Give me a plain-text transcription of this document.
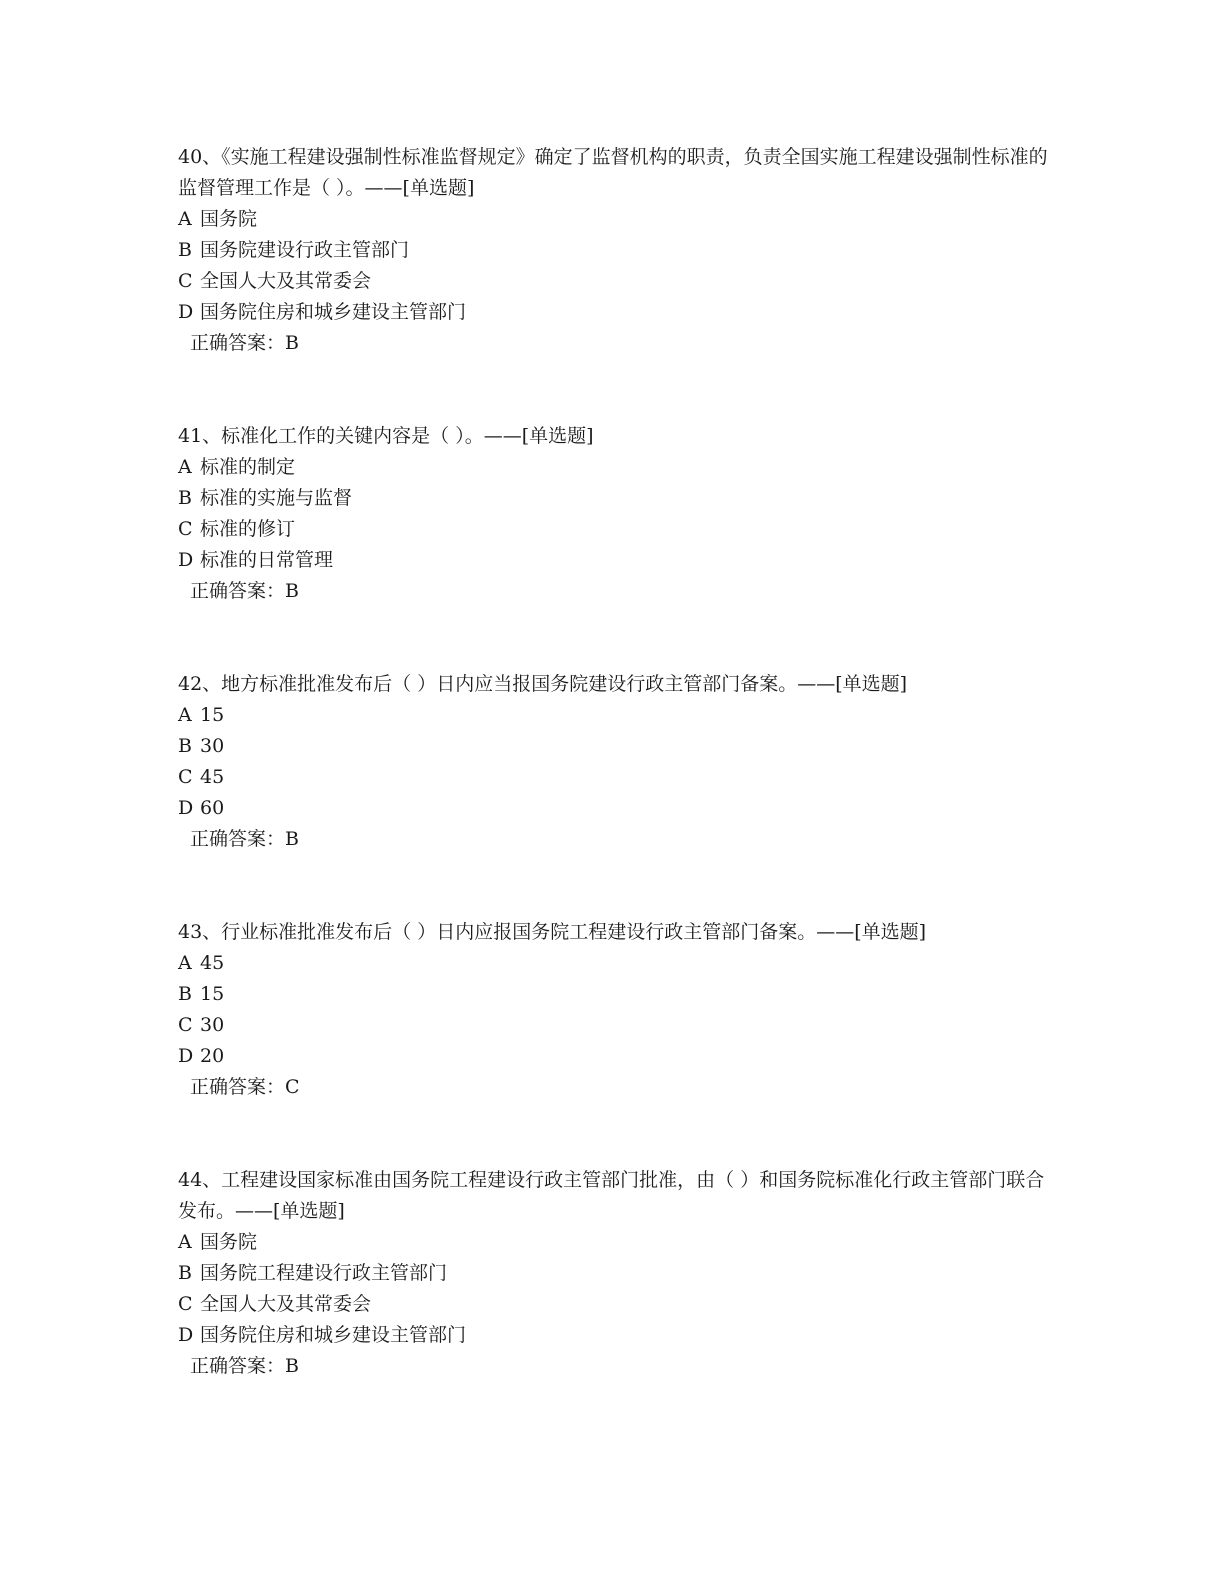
40、《实施工程建设强制性标准监督规定》确定了监督机构的职责，负责全国实施工程建设强制性标准的监督管理工作是（ ）。——[单选题]
A 国务院
B 国务院建设行政主管部门
C 全国人大及其常委会
D 国务院住房和城乡建设主管部门
正确答案：B
41、标准化工作的关键内容是（ ）。——[单选题]
A 标准的制定
B 标准的实施与监督
C 标准的修订
D 标准的日常管理
正确答案：B
42、地方标准批准发布后（ ）日内应当报国务院建设行政主管部门备案。——[单选题]
A 15
B 30
C 45
D 60
正确答案：B
43、行业标准批准发布后（ ）日内应报国务院工程建设行政主管部门备案。——[单选题]
A 45
B 15
C 30
D 20
正确答案：C
44、工程建设国家标准由国务院工程建设行政主管部门批准，由（ ）和国务院标准化行政主管部门联合发布。——[单选题]
A 国务院
B 国务院工程建设行政主管部门
C 全国人大及其常委会
D 国务院住房和城乡建设主管部门
正确答案：B
